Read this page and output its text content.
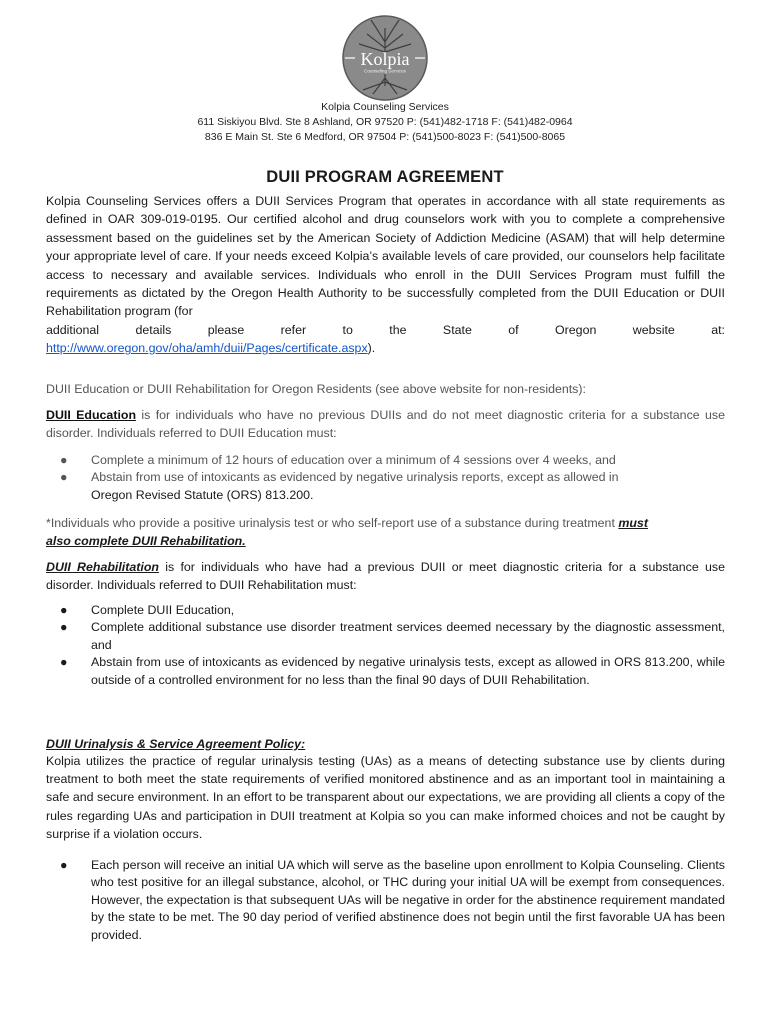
Kolpia
Counseling Services
Kolpia Counseling Services
611 Siskiyou Blvd. Ste 8 Ashland, OR 97520 P: (541)482-1718 F: (541)482-0964
836 E Main St. Ste 6 Medford, OR 97504 P: (541)500-8023 F: (541)500-8065
DUII PROGRAM AGREEMENT
Kolpia Counseling Services offers a DUII Services Program that operates in accordance with all state requirements as defined in OAR 309-019-0195. Our certified alcohol and drug counselors work with you to complete a comprehensive assessment based on the guidelines set by the American Society of Addiction Medicine (ASAM) that will help determine your appropriate level of care. If your needs exceed Kolpia’s available levels of care provided, our counselors help facilitate access to necessary and available services. Individuals who enroll in the DUII Services Program must fulfill the requirements as dictated by the Oregon Health Authority to be successfully completed from the DUII Education or DUII Rehabilitation program (for
additional details please refer to the State of Oregon website at:
http://www.oregon.gov/oha/amh/duii/Pages/certificate.aspx).
DUII Education or DUII Rehabilitation for Oregon Residents (see above website for non-residents):
DUII Education is for individuals who have no previous DUIIs and do not meet diagnostic criteria for a substance use disorder. Individuals referred to DUII Education must:
● Complete a minimum of 12 hours of education over a minimum of 4 sessions over 4 weeks, and
● Abstain from use of intoxicants as evidenced by negative urinalysis reports, except as allowed in
Oregon Revised Statute (ORS) 813.200.
*Individuals who provide a positive urinalysis test or who self-report use of a substance during treatment must
also complete DUII Rehabilitation.
DUII Rehabilitation is for individuals who have had a previous DUII or meet diagnostic criteria for a substance use disorder. Individuals referred to DUII Rehabilitation must:
● Complete DUII Education,
● Complete additional substance use disorder treatment services deemed necessary by the diagnostic assessment, and
● Abstain from use of intoxicants as evidenced by negative urinalysis tests, except as allowed in ORS 813.200, while outside of a controlled environment for no less than the final 90 days of DUII Rehabilitation.
DUII Urinalysis & Service Agreement Policy:
Kolpia utilizes the practice of regular urinalysis testing (UAs) as a means of detecting substance use by clients during treatment to both meet the state requirements of verified monitored abstinence and as an important tool in maintaining a safe and secure environment. In an effort to be transparent about our expectations, we are providing all clients a copy of the rules regarding UAs and participation in DUII treatment at Kolpia so you can make informed choices and not be caught by surprise if a violation occurs.
● Each person will receive an initial UA which will serve as the baseline upon enrollment to Kolpia Counseling. Clients who test positive for an illegal substance, alcohol, or THC during your initial UA will be exempt from consequences. However, the expectation is that subsequent UAs will be negative in order for the abstinence requirement mandated by the state to be met. The 90 day period of verified abstinence does not begin until the first favorable UA has been provided.
